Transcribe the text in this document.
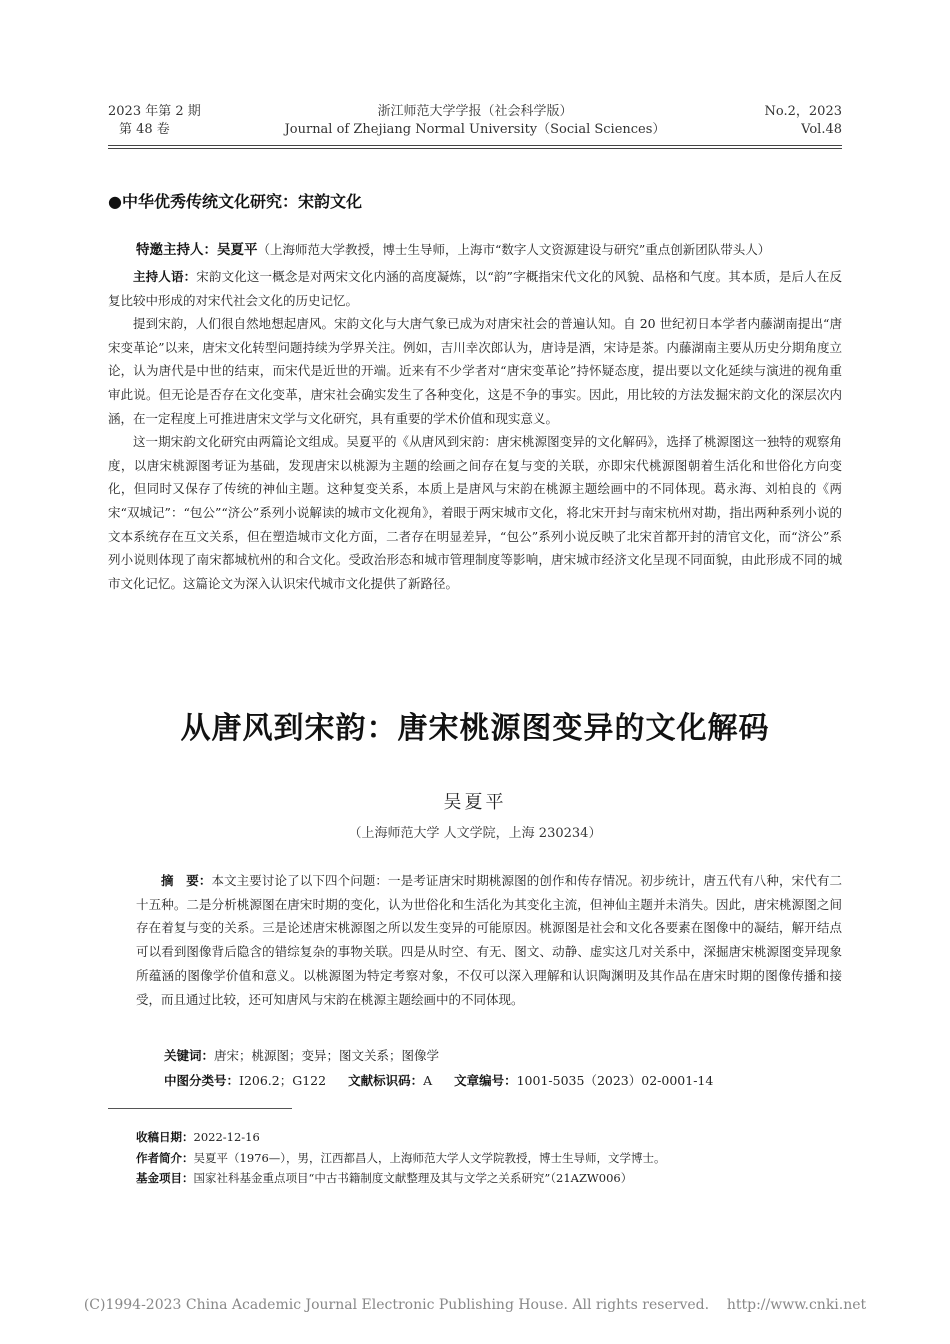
2023 年第 2 期
第 48 卷
浙江师范大学学报（社会科学版）
Journal of Zhejiang Normal University（Social Sciences）
No.2，2023
Vol.48
●中华优秀传统文化研究：宋韵文化
特邀主持人：吴夏平（上海师范大学教授，博士生导师，上海市“数字人文资源建设与研究”重点创新团队带头人）

主持人语：宋韵文化这一概念是对两宋文化内涵的高度凝炼，以“韵”字概指宋代文化的风貌、品格和气度。其本质，是后人在反复比较中形成的对宋代社会文化的历史记忆。

提到宋韵，人们很自然地想起唐风。宋韵文化与大唐气象已成为对唐宋社会的普遍认知。自 20 世纪初日本学者内藤湖南提出“唐宋变革论”以来，唐宋文化转型问题持续为学界关注。例如，吉川幸次郎认为，唐诗是酒，宋诗是茶。内藤湖南主要从历史分期角度立论，认为唐代是中世的结束，而宋代是近世的开端。近来有不少学者对“唐宋变革论”持怀疑态度，提出要以文化延续与演进的视角重审此说。但无论是否存在文化变革，唐宋社会确实发生了各种变化，这是不争的事实。因此，用比较的方法发掘宋韵文化的深层次内涵，在一定程度上可推进唐宋文学与文化研究，具有重要的学术价值和现实意义。

这一期宋韵文化研究由两篇论文组成。吴夏平的《从唐风到宋韵：唐宋桃源图变异的文化解码》，选择了桃源图这一独特的观察角度，以唐宋桃源图考证为基础，发现唐宋以桃源为主题的绘画之间存在复与变的关联，亦即宋代桃源图朝着生活化和世俗化方向变化，但同时又保存了传统的神仙主题。这种复变关系，本质上是唐风与宋韵在桃源主题绘画中的不同体现。葛永海、刘柏良的《两宋“双城记”：“包公”“济公”系列小说解读的城市文化视角》，着眼于两宋城市文化，将北宋开封与南宋杭州对勘，指出两种系列小说的文本系统存在互文关系，但在塑造城市文化方面，二者存在明显差异，“包公”系列小说反映了北宋首都开封的清官文化，而“济公”系列小说则体现了南宋都城杭州的和合文化。受政治形态和城市管理制度等影响，唐宋城市经济文化呈现不同面貌，由此形成不同的城市文化记忆。这篇论文为深入认识宋代城市文化提供了新路径。

从唐风到宋韵：唐宋桃源图变异的文化解码
吴夏平
（上海师范大学 人文学院，上海 230234）
摘　要：本文主要讨论了以下四个问题：一是考证唐宋时期桃源图的创作和传存情况。初步统计，唐五代有八种，宋代有二十五种。二是分析桃源图在唐宋时期的变化，认为世俗化和生活化为其变化主流，但神仙主题并未消失。因此，唐宋桃源图之间存在着复与变的关系。三是论述唐宋桃源图之所以发生变异的可能原因。桃源图是社会和文化各要素在图像中的凝结，解开结点可以看到图像背后隐含的错综复杂的事物关联。四是从时空、有无、图文、动静、虚实这几对关系中，深掘唐宋桃源图变异现象所蕴涵的图像学价值和意义。以桃源图为特定考察对象，不仅可以深入理解和认识陶渊明及其作品在唐宋时期的图像传播和接受，而且通过比较，还可知唐风与宋韵在桃源主题绘画中的不同体现。
关键词：唐宋；桃源图；变异；图文关系；图像学
中图分类号：I206.2；G122 文献标识码：A 文章编号：1001-5035（2023）02-0001-14
收稿日期：2022-12-16
作者简介：吴夏平（1976—），男，江西都昌人，上海师范大学人文学院教授，博士生导师，文学博士。
基金项目：国家社科基金重点项目“中古书籍制度文献整理及其与文学之关系研究”（21AZW006）
(C)1994-2023 China Academic Journal Electronic Publishing House. All rights reserved.    http://www.cnki.net
